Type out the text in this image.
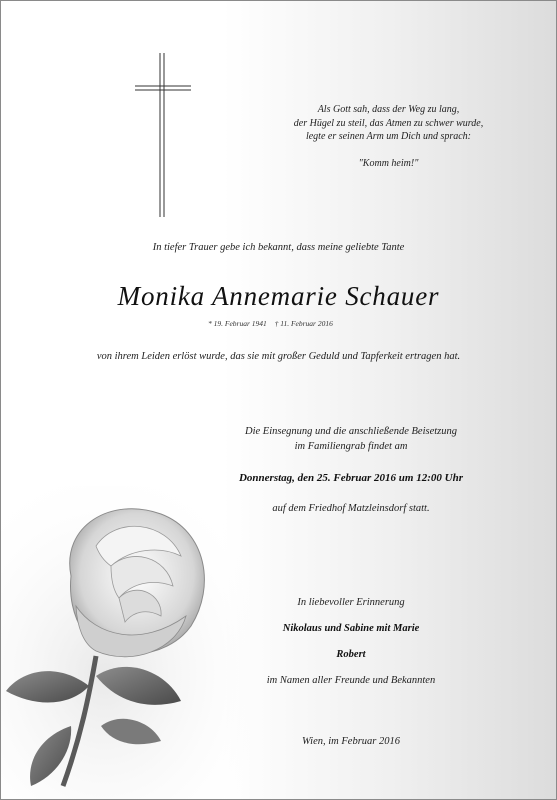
Als Gott sah, dass der Weg zu lang,

der Hügel zu steil, das Atmen zu schwer wurde,

legte er seinen Arm um Dich und sprach:

"Komm heim!"

In tiefer Trauer gebe ich bekannt, dass meine geliebte Tante
Monika Annemarie Schauer
* 19. Februar 1941 † 11. Februar 2016
von ihrem Leiden erlöst wurde, das sie mit großer Geduld und Tapferkeit ertragen hat.
Die Einsegnung und die anschließende Beisetzung
im Familiengrab findet am
Donnerstag, den 25. Februar 2016 um 12:00 Uhr
auf dem Friedhof Matzleinsdorf statt.
In liebevoller Erinnerung
Nikolaus und Sabine mit Marie
Robert
im Namen aller Freunde und Bekannten
Wien, im Februar 2016
